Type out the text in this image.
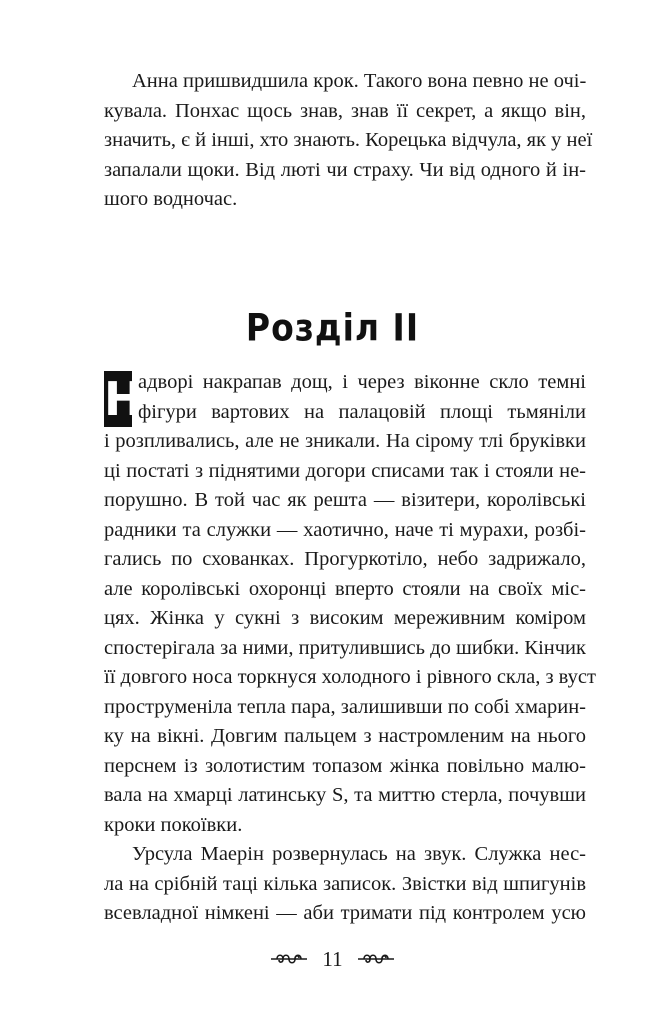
Анна пришвидшила крок. Такого вона певно не очі-
кувала. Понхас щось знав, знав її секрет, а якщо він,
значить, є й інші, хто знають. Корецька відчула, як у неї
запалали щоки. Від люті чи страху. Чи від одного й ін-
шого водночас.
Розділ ІІ
Н
адворі накрапав дощ, і через віконне скло темні
фігури вартових на палацовій площі тьмяніли
і розпливались, але не зникали. На сірому тлі бруківки
ці постаті з піднятими догори списами так і стояли не-
порушно. В той час як решта — візитери, королівські
радники та служки — хаотично, наче ті мурахи, розбі-
гались по схованках. Прогуркотіло, небо задрижало,
але королівські охоронці вперто стояли на своїх міс-
цях. Жінка у сукні з високим мереживним коміром
спостерігала за ними, притулившись до шибки. Кінчик
її довгого носа торкнуся холодного і рівного скла, з вуст
проструменіла тепла пара, залишивши по собі хмарин-
ку на вікні. Довгим пальцем з настромленим на нього
перснем із золотистим топазом жінка повільно малю-
вала на хмарці латинську S, та миттю стерла, почувши
кроки покоївки.
Урсула Маерін розвернулась на звук. Служка нес-
ла на срібній таці кілька записок. Звістки від шпигунів
всевладної німкені — аби тримати під контролем усю
11
